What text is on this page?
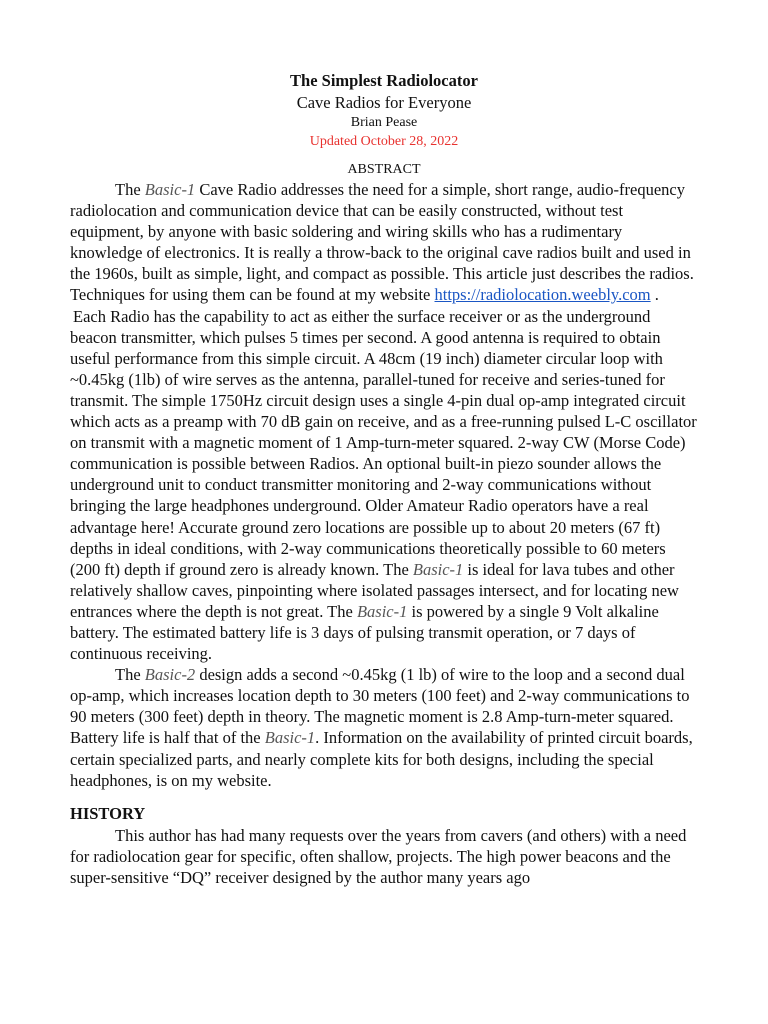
The Simplest Radiolocator
Cave Radios for Everyone
Brian Pease
Updated October 28, 2022
ABSTRACT

The Basic-1 Cave Radio addresses the need for a simple, short range, audio-frequency radiolocation and communication device that can be easily constructed, without test equipment, by anyone with basic soldering and wiring skills who has a rudimentary knowledge of electronics. It is really a throw-back to the original cave radios built and used in the 1960s, built as simple, light, and compact as possible. This article just describes the radios. Techniques for using them can be found at my website https://radiolocation.weebly.com .

Each Radio has the capability to act as either the surface receiver or as the underground beacon transmitter, which pulses 5 times per second. A good antenna is required to obtain useful performance from this simple circuit. A 48cm (19 inch) diameter circular loop with ~0.45kg (1lb) of wire serves as the antenna, parallel-tuned for receive and series-tuned for transmit. The simple 1750Hz circuit design uses a single 4-pin dual op-amp integrated circuit which acts as a preamp with 70 dB gain on receive, and as a free-running pulsed L-C oscillator on transmit with a magnetic moment of 1 Amp-turn-meter squared. 2-way CW (Morse Code) communication is possible between Radios. An optional built-in piezo sounder allows the underground unit to conduct transmitter monitoring and 2-way communications without bringing the large headphones underground. Older Amateur Radio operators have a real advantage here! Accurate ground zero locations are possible up to about 20 meters (67 ft) depths in ideal conditions, with 2-way communications theoretically possible to 60 meters (200 ft) depth if ground zero is already known. The Basic-1 is ideal for lava tubes and other relatively shallow caves, pinpointing where isolated passages intersect, and for locating new entrances where the depth is not great. The Basic-1 is powered by a single 9 Volt alkaline battery. The estimated battery life is 3 days of pulsing transmit operation, or 7 days of continuous receiving.

The Basic-2 design adds a second ~0.45kg (1 lb) of wire to the loop and a second dual op-amp, which increases location depth to 30 meters (100 feet) and 2-way communications to 90 meters (300 feet) depth in theory. The magnetic moment is 2.8 Amp-turn-meter squared. Battery life is half that of the Basic-1. Information on the availability of printed circuit boards, certain specialized parts, and nearly complete kits for both designs, including the special headphones, is on my website.

HISTORY

This author has had many requests over the years from cavers (and others) with a need for radiolocation gear for specific, often shallow, projects. The high power beacons and the super-sensitive “DQ” receiver designed by the author many years ago
